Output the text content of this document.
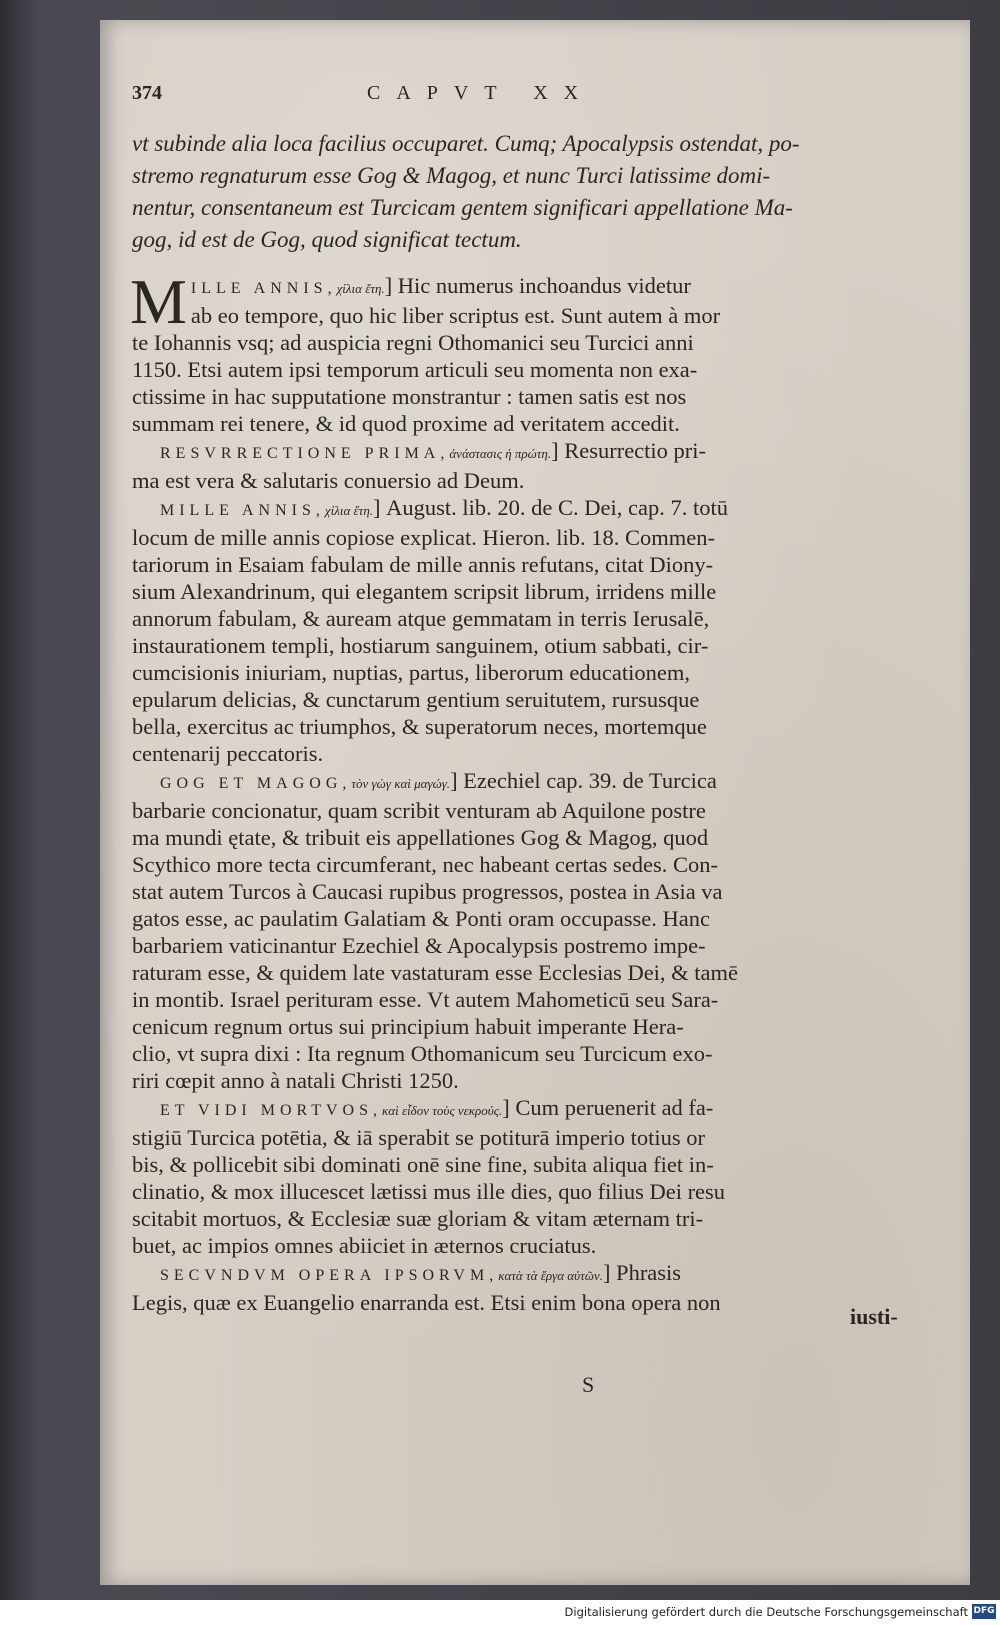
374	CAPVT XX
vt subinde alia loca facilius occuparet. Cumq; Apocalypsis ostendat, po-
stremo regnaturum esse Gog & Magog, et nunc Turci latissime domi-
nentur, consentaneum est Turcicam gentem significari appellatione Ma-
gog, id est de Gog, quod significat tectum.
M ILLE ANNIS,χίλια ἔτη.] Hic numerus inchoandus videtur
ab eo tempore, quo hic liber scriptus est. Sunt autem à mor
te Iohannis vsq; ad auspicia regni Othomanici seu Turcici anni
1150. Etsi autem ipsi temporum articuli seu momenta non exa-
ctissime in hac supputatione monstrantur : tamen satis est nos
summam rei tenere, & id quod proxime ad veritatem accedit.
RESVRRECTIONE PRIMA,ἀνάστασις ἡ πρώτη.] Resurrectio pri-
ma est vera & salutaris conuersio ad Deum.
MILLE ANNIS,χίλια ἔτη.] August. lib. 20. de C. Dei, cap. 7. totū
locum de mille annis copiose explicat. Hieron. lib. 18. Commen-
tariorum in Esaiam fabulam de mille annis refutans, citat Diony-
sium Alexandrinum, qui elegantem scripsit librum, irridens mille
annorum fabulam, & auream atque gemmatam in terris Ierusalē,
instaurationem templi, hostiarum sanguinem, otium sabbati, cir-
cumcisionis iniuriam, nuptias, partus, liberorum educationem,
epularum delicias, & cunctarum gentium seruitutem, rursusque
bella, exercitus ac triumphos, & superatorum neces, mortemque
centenarij peccatoris.
GOG ET MAGOG,τὸν γὼγ καὶ μαγώγ.] Ezechiel cap. 39. de Turcica
barbarie concionatur, quam scribit venturam ab Aquilone postre
ma mundi ętate, & tribuit eis appellationes Gog & Magog, quod
Scythico more tecta circumferant, nec habeant certas sedes. Con-
stat autem Turcos à Caucasi rupibus progressos, postea in Asia va
gatos esse, ac paulatim Galatiam & Ponti oram occupasse. Hanc
barbariem vaticinantur Ezechiel & Apocalypsis postremo impe-
raturam esse, & quidem late vastaturam esse Ecclesias Dei, & tamē
in montib. Israel perituram esse. Vt autem Mahometicū seu Sara-
cenicum regnum ortus sui principium habuit imperante Hera-
clio, vt supra dixi : Ita regnum Othomanicum seu Turcicum exo-
riri cœpit anno à natali Christi 1250.
ET VIDI MORTVOS,καὶ εἶδον τοὺς νεκρούς.] Cum peruenerit ad fa-
stigiū Turcica potētia, & iā sperabit se potiturā imperio totius or
bis, & pollicebit sibi dominati onē sine fine, subita aliqua fiet in-
clinatio, & mox illucescet lætissi mus ille dies, quo filius Dei resu
scitabit mortuos, & Ecclesiæ suæ gloriam & vitam æternam tri-
buet, ac impios omnes abiiciet in æternos cruciatus.
SECVNDVM OPERA IPSORVM,κατὰ τὰ ἔργα αὐτῶν.] Phrasis
Legis, quæ ex Euangelio enarranda est. Etsi enim bona opera non
iusti-
S
Digitalisierung gefördert durch die Deutsche Forschungsgemeinschaft DFG
